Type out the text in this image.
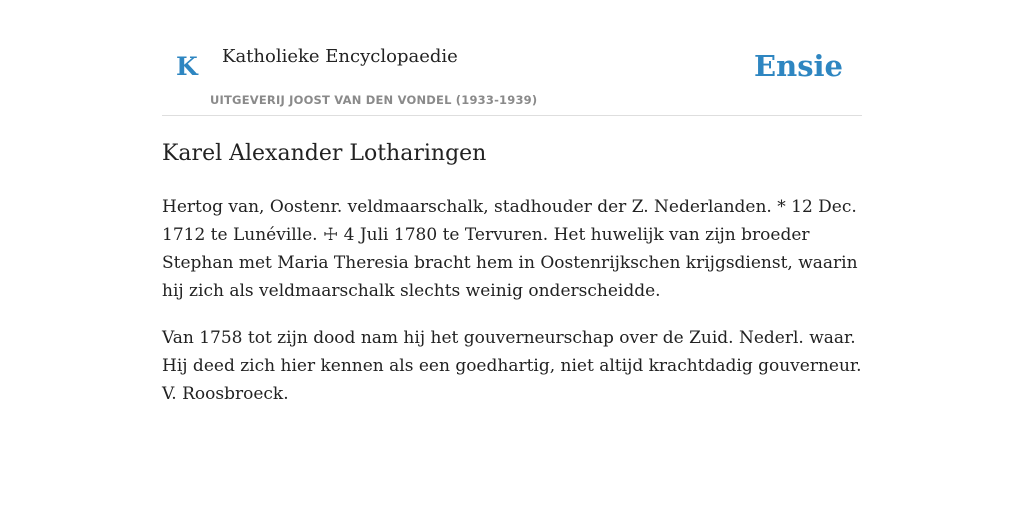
K Katholieke Encyclopaedie
UITGEVERIJ JOOST VAN DEN VONDEL (1933-1939)
Ensie
Karel Alexander Lotharingen

Hertog van, Oostenr. veldmaarschalk, stadhouder der Z. Nederlanden. * 12 Dec. 1712 te Lunéville. ☩ 4 Juli 1780 te Tervuren. Het huwelijk van zijn broeder Stephan met Maria Theresia bracht hem in Oostenrijkschen krijgsdienst, waarin hij zich als veldmaarschalk slechts weinig onderscheidde.

Van 1758 tot zijn dood nam hij het gouverneurschap over de Zuid. Nederl. waar. Hij deed zich hier kennen als een goedhartig, niet altijd krachtdadig gouverneur. V. Roosbroeck.
